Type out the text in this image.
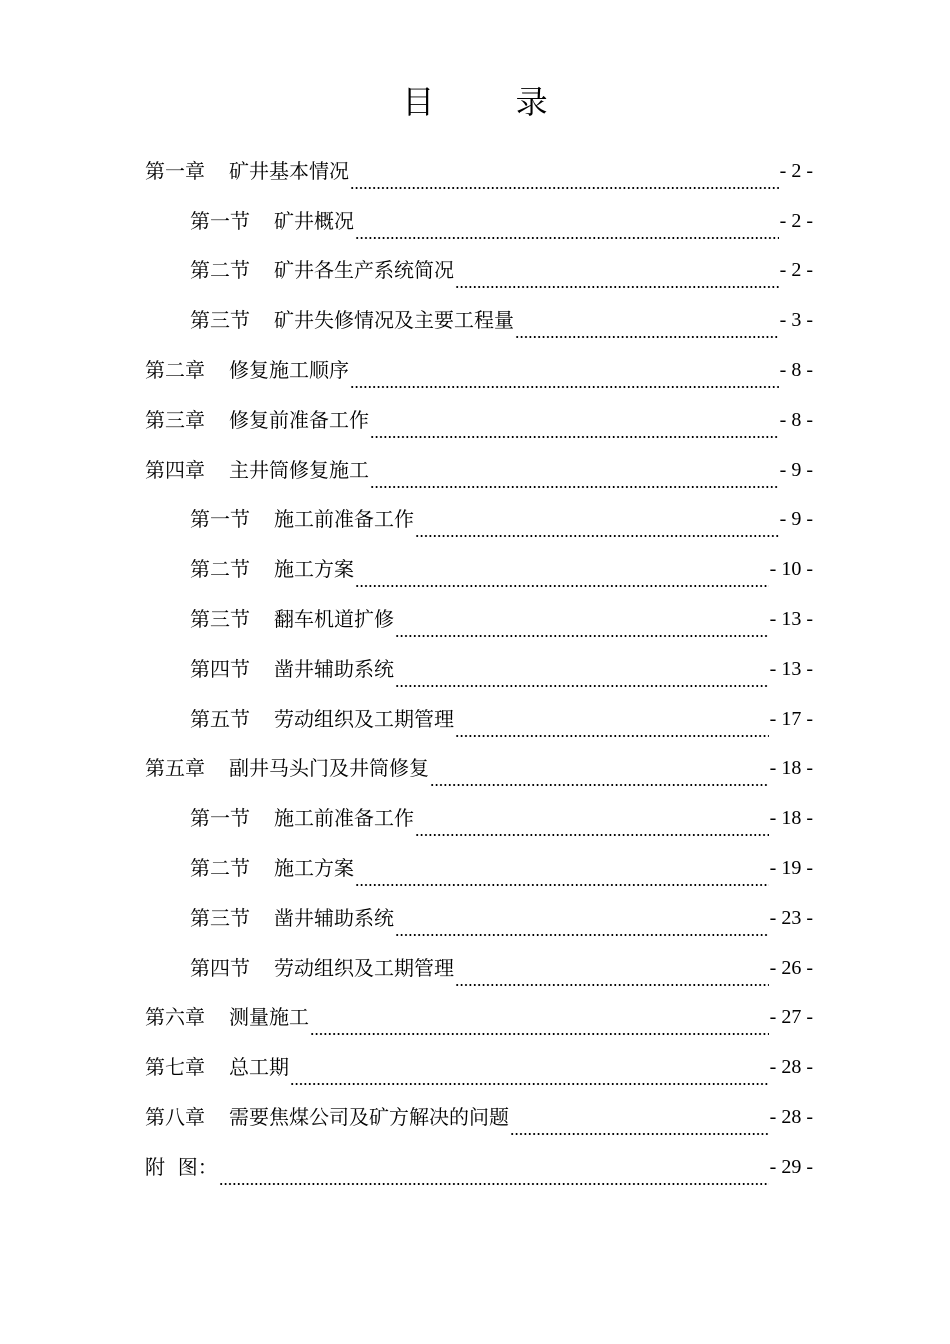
目        录
第一章 矿井基本情况	- 2 -
第一节 矿井概况	- 2 -
第二节 矿井各生产系统简况	- 2 -
第三节 矿井失修情况及主要工程量	- 3 -
第二章 修复施工顺序	- 8 -
第三章 修复前准备工作	- 8 -
第四章 主井筒修复施工	- 9 -
第一节 施工前准备工作	- 9 -
第二节 施工方案	- 10 -
第三节 翻车机道扩修	- 13 -
第四节 凿井辅助系统	- 13 -
第五节 劳动组织及工期管理	- 17 -
第五章 副井马头门及井筒修复	- 18 -
第一节 施工前准备工作	- 18 -
第二节 施工方案	- 19 -
第三节 凿井辅助系统	- 23 -
第四节 劳动组织及工期管理	- 26 -
第六章 测量施工	- 27 -
第七章 总工期	- 28 -
第八章 需要焦煤公司及矿方解决的问题	- 28 -
附  图：	- 29 -
